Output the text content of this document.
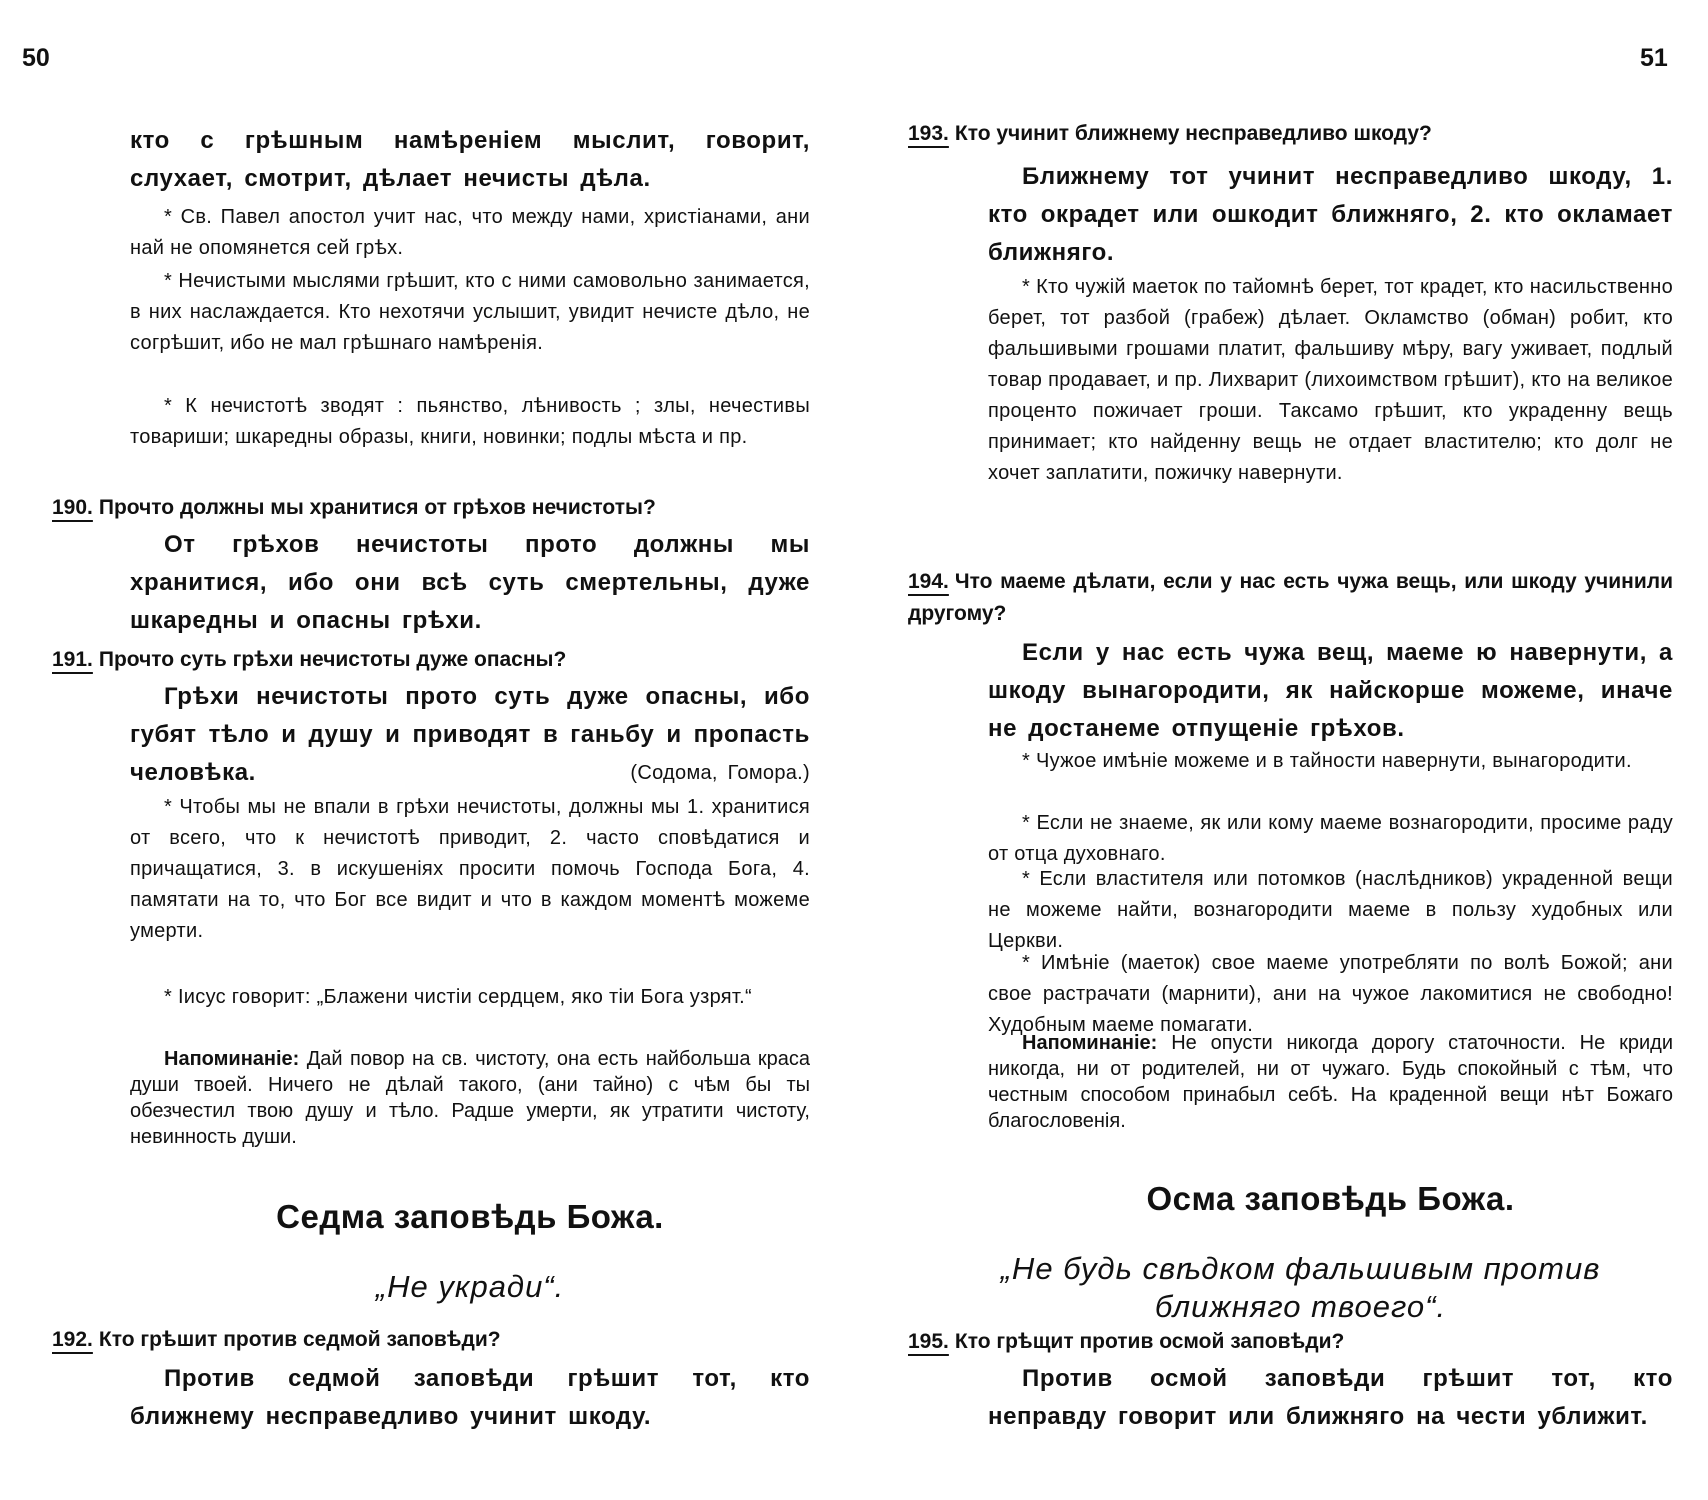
50	51

кто с грѣшным намѣреніем мыслит, говорит, слухает, смотрит, дѣлает нечисты дѣла.

* Св. Павел апостол учит нас, что между нами, христіанами, ани най не опомянется сей грѣх.

* Нечистыми мыслями грѣшит, кто с ними самовольно занимается, в них наслаждается. Кто нехотячи услышит, увидит нечисте дѣло, не согрѣшит, ибо не мал грѣшнаго намѣренія.

* К нечистотѣ зводят : пьянство, лѣнивость ; злы, нечестивы товариши; шкаредны образы, книги, новинки; подлы мѣста и пр.

190. Прочто должны мы хранитися от грѣхов нечистоты?

От грѣхов нечистоты прото должны мы хранитися, ибо они всѣ суть смертельны, дуже шкаредны и опасны грѣхи.

191. Прочто суть грѣхи нечистоты дуже опасны?

Грѣхи нечистоты прото суть дуже опасны, ибо губят тѣло и душу и приводят в ганьбу и пропасть человѣка.	(Содома, Гомора.)

* Чтобы мы не впали в грѣхи нечистоты, должны мы 1. хранитися от всего, что к нечистотѣ приводит, 2. часто сповѣдатися и причащатися, 3. в искушеніях просити помочь Господа Бога, 4. памятати на то, что Бог все видит и что в каждом моментѣ можеме умерти.

* Іисус говорит: „Блажени чистіи сердцем, яко тіи Бога узрят.“

Напоминаніе: Дай повор на св. чистоту, она есть найбольша краса души твоей. Ничего не дѣлай такого, (ани тайно) с чѣм бы ты обезчестил твою душу и тѣло. Радше умерти, як утратити чистоту, невинность души.

Седма заповѣдь Божа.
„Не укради“.

192. Кто грѣшит против седмой заповѣди?

Против седмой заповѣди грѣшит тот, кто ближнему несправедливо учинит шкоду.

193. Кто учинит ближнему несправедливо шкоду?

Ближнему тот учинит несправедливо шкоду, 1. кто окрадет или ошкодит ближняго, 2. кто окламает ближняго.

* Кто чужій маеток по тайомнѣ берет, тот крадет, кто насильственно берет, тот разбой (грабеж) дѣлает. Окламство (обман) робит, кто фальшивыми грошами платит, фальшиву мѣру, вагу уживает, подлый товар продавает, и пр. Лихварит (лихоимством грѣшит), кто на великое проценто пожичает гроши. Таксамо грѣшит, кто украденну вещь принимает; кто найденну вещь не отдает властителю; кто долг не хочет заплатити, пожичку навернути.

194. Что маеме дѣлати, если у нас есть чужа вещь, или шкоду учинили другому?

Если у нас есть чужа вещ, маеме ю навернути, а шкоду вынагородити, як найскорше можеме, иначе не достанеме отпущеніе грѣхов.

* Чужое имѣніе можеме и в тайности навернути, вынагородити.

* Если не знаеме, як или кому маеме вознагородити, просиме раду от отца духовнаго.

* Если властителя или потомков (наслѣдников) украденной вещи не можеме найти, вознагородити маеме в пользу худобных или Церкви.

* Имѣніе (маеток) свое маеме употребляти по волѣ Божой; ани свое растрачати (марнити), ани на чужое лакомитися не свободно! Худобным маеме помагати.

Напоминаніе: Не опусти никогда дорогу статочности. Не криди никогда, ни от родителей, ни от чужаго. Будь спокойный с тѣм, что честным способом принабыл себѣ. На краденной вещи нѣт Божаго благословенія.

Осма заповѣдь Божа.
„Не будь свѣдком фальшивым против ближняго твоего“.

195. Кто грѣщит против осмой заповѣди?

Против осмой заповѣди грѣшит тот, кто неправду говорит или ближняго на чести уближит.
